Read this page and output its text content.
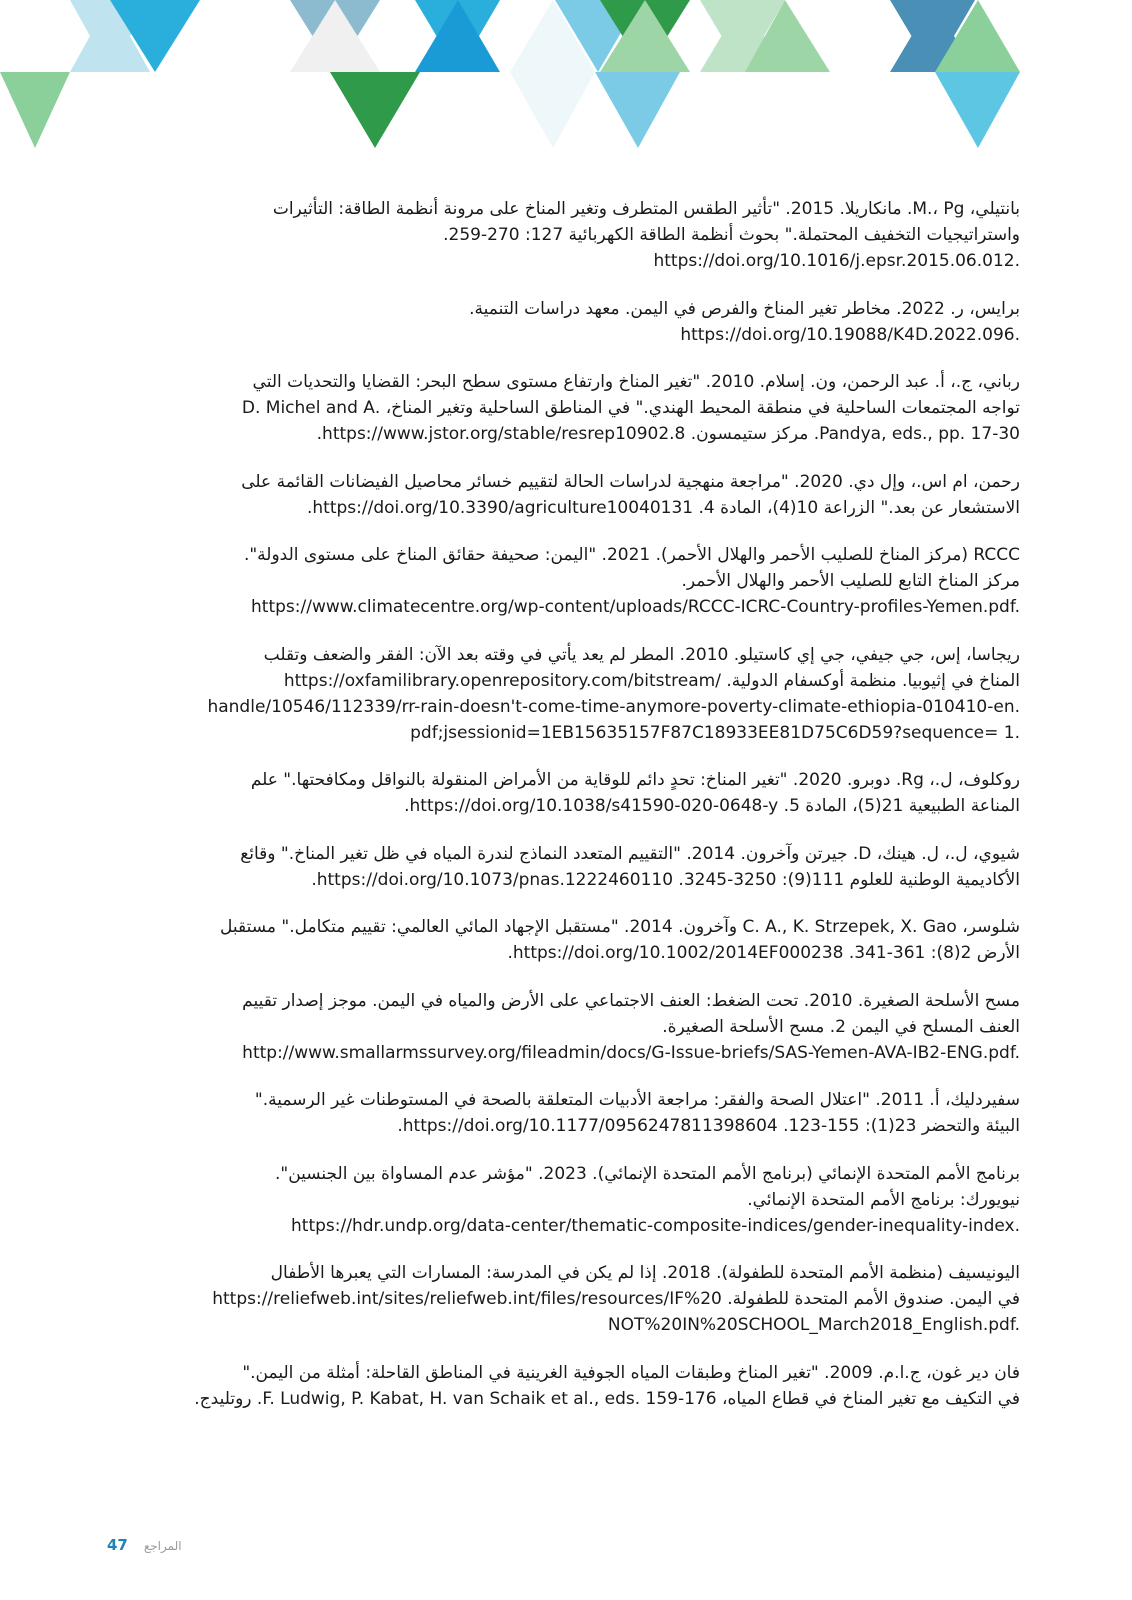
بانتيلي، M.، Pg. مانكاريلا. 2015. "تأثير الطقس المتطرف وتغير المناخ على مرونة أنظمة الطاقة: التأثيرات
واستراتيجيات التخفيف المحتملة." بحوث أنظمة الطاقة الكهربائية 127: 270-259.
https://doi.org/10.1016/j.epsr.2015.06.012.
برايس، ر. 2022. مخاطر تغير المناخ والفرص في اليمن. معهد دراسات التنمية.
https://doi.org/10.19088/K4D.2022.096.
رباني، ج.، أ. عبد الرحمن، ون. إسلام. 2010. "تغير المناخ وارتفاع مستوى سطح البحر: القضايا والتحديات التي
تواجه المجتمعات الساحلية في منطقة المحيط الهندي." في المناطق الساحلية وتغير المناخ، .D. Michel and A
Pandya, eds., pp. 17-30. مركز ستيمسون. https://www.jstor.org/stable/resrep10902.8.
رحمن، ام اس.، وإل دي. 2020. "مراجعة منهجية لدراسات الحالة لتقييم خسائر محاصيل الفيضانات القائمة على
الاستشعار عن بعد." الزراعة 10(4)، المادة 4. https://doi.org/10.3390/agriculture10040131.
RCCC (مركز المناخ للصليب الأحمر والهلال الأحمر). 2021. "اليمن: صحيفة حقائق المناخ على مستوى الدولة".
مركز المناخ التابع للصليب الأحمر والهلال الأحمر.
https://www.climatecentre.org/wp-content/uploads/RCCC-ICRC-Country-profiles-Yemen.pdf.
ريجاسا، إس، جي جيفي، جي إي كاستيلو. 2010. المطر لم يعد يأتي في وقته بعد الآن: الفقر والضعف وتقلب
المناخ في إثيوبيا. منظمة أوكسفام الدولية. /https://oxfamilibrary.openrepository.com/bitstream
handle/10546/112339/rr-rain-doesn't-come-time-anymore-poverty-climate-ethiopia-010410-en.
pdf;jsessionid=1EB15635157F87C18933EE81D75C6D59?sequence= 1.
روكلوف، ل.، Rg. دوبرو. 2020. "تغير المناخ: تحدٍ دائم للوقاية من الأمراض المنقولة بالنواقل ومكافحتها." علم
المناعة الطبيعية 21(5)، المادة 5. https://doi.org/10.1038/s41590-020-0648-y.
شيوي، ل.، ل. هينك، D. جيرتن وآخرون. 2014. "التقييم المتعدد النماذج لندرة المياه في ظل تغير المناخ." وقائع
الأكاديمية الوطنية للعلوم 111(9): 3250-3245. https://doi.org/10.1073/pnas.1222460110.
شلوسر، C. A., K. Strzepek, X. Gao وآخرون. 2014. "مستقبل الإجهاد المائي العالمي: تقييم متكامل." مستقبل
الأرض 2(8): 361-341. https://doi.org/10.1002/2014EF000238.
مسح الأسلحة الصغيرة. 2010. تحت الضغط: العنف الاجتماعي على الأرض والمياه في اليمن. موجز إصدار تقييم
العنف المسلح في اليمن 2. مسح الأسلحة الصغيرة.
http://www.smallarmssurvey.org/fileadmin/docs/G-Issue-briefs/SAS-Yemen-AVA-IB2-ENG.pdf.
سفيردليك، أ. 2011. "اعتلال الصحة والفقر: مراجعة الأدبيات المتعلقة بالصحة في المستوطنات غير الرسمية."
البيئة والتحضر 23(1): 155-123. https://doi.org/10.1177/0956247811398604.
برنامج الأمم المتحدة الإنمائي (برنامج الأمم المتحدة الإنمائي). 2023. "مؤشر عدم المساواة بين الجنسين".
نيويورك: برنامج الأمم المتحدة الإنمائي.
https://hdr.undp.org/data-center/thematic-composite-indices/gender-inequality-index.
اليونيسيف (منظمة الأمم المتحدة للطفولة). 2018. إذا لم يكن في المدرسة: المسارات التي يعبرها الأطفال
في اليمن. صندوق الأمم المتحدة للطفولة. https://reliefweb.int/sites/reliefweb.int/files/resources/IF%20
NOT%20IN%20SCHOOL_March2018_English.pdf.
فان دير غون، ج.ا.م. 2009. "تغير المناخ وطبقات المياه الجوفية الغرينية في المناطق القاحلة: أمثلة من اليمن."
في التكيف مع تغير المناخ في قطاع المياه، F. Ludwig, P. Kabat, H. van Schaik et al., eds. 159-176. روتليدج.
47 المراجع
